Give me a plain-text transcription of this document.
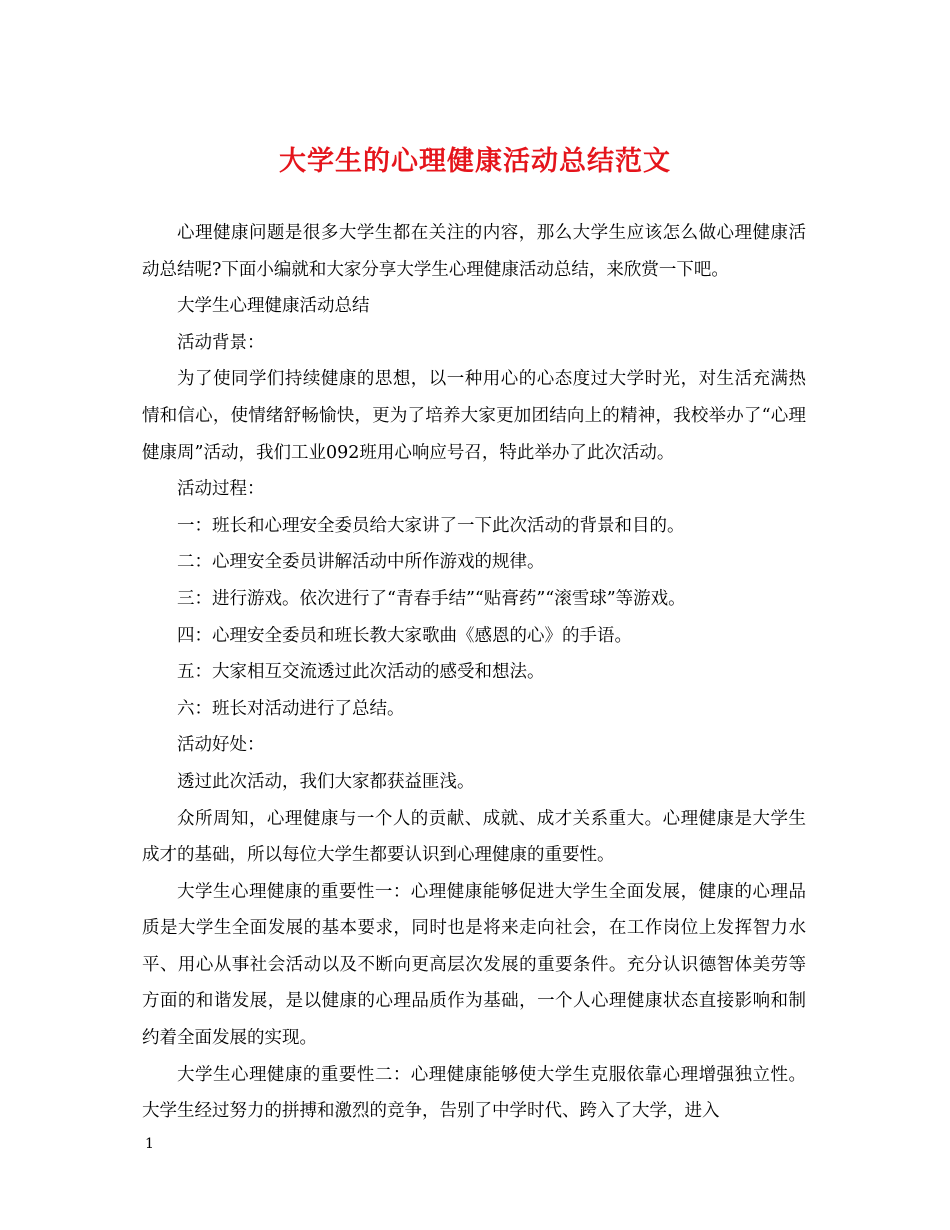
大学生的心理健康活动总结范文

心理健康问题是很多大学生都在关注的内容，那么大学生应该怎么做心理健康活动总结呢?下面小编就和大家分享大学生心理健康活动总结，来欣赏一下吧。

大学生心理健康活动总结

活动背景：

为了使同学们持续健康的思想，以一种用心的心态度过大学时光，对生活充满热情和信心，使情绪舒畅愉快，更为了培养大家更加团结向上的精神，我校举办了“心理健康周”活动，我们工业092班用心响应号召，特此举办了此次活动。

活动过程：

一：班长和心理安全委员给大家讲了一下此次活动的背景和目的。

二：心理安全委员讲解活动中所作游戏的规律。

三：进行游戏。依次进行了“青春手结”“贴膏药”“滚雪球”等游戏。

四：心理安全委员和班长教大家歌曲《感恩的心》的手语。

五：大家相互交流透过此次活动的感受和想法。

六：班长对活动进行了总结。

活动好处：

透过此次活动，我们大家都获益匪浅。

众所周知，心理健康与一个人的贡献、成就、成才关系重大。心理健康是大学生成才的基础，所以每位大学生都要认识到心理健康的重要性。

大学生心理健康的重要性一：心理健康能够促进大学生全面发展，健康的心理品质是大学生全面发展的基本要求，同时也是将来走向社会，在工作岗位上发挥智力水平、用心从事社会活动以及不断向更高层次发展的重要条件。充分认识德智体美劳等方面的和谐发展，是以健康的心理品质作为基础，一个人心理健康状态直接影响和制约着全面发展的实现。

大学生心理健康的重要性二：心理健康能够使大学生克服依靠心理增强独立性。大学生经过努力的拼搏和激烈的竞争，告别了中学时代、跨入了大学，进入

1
